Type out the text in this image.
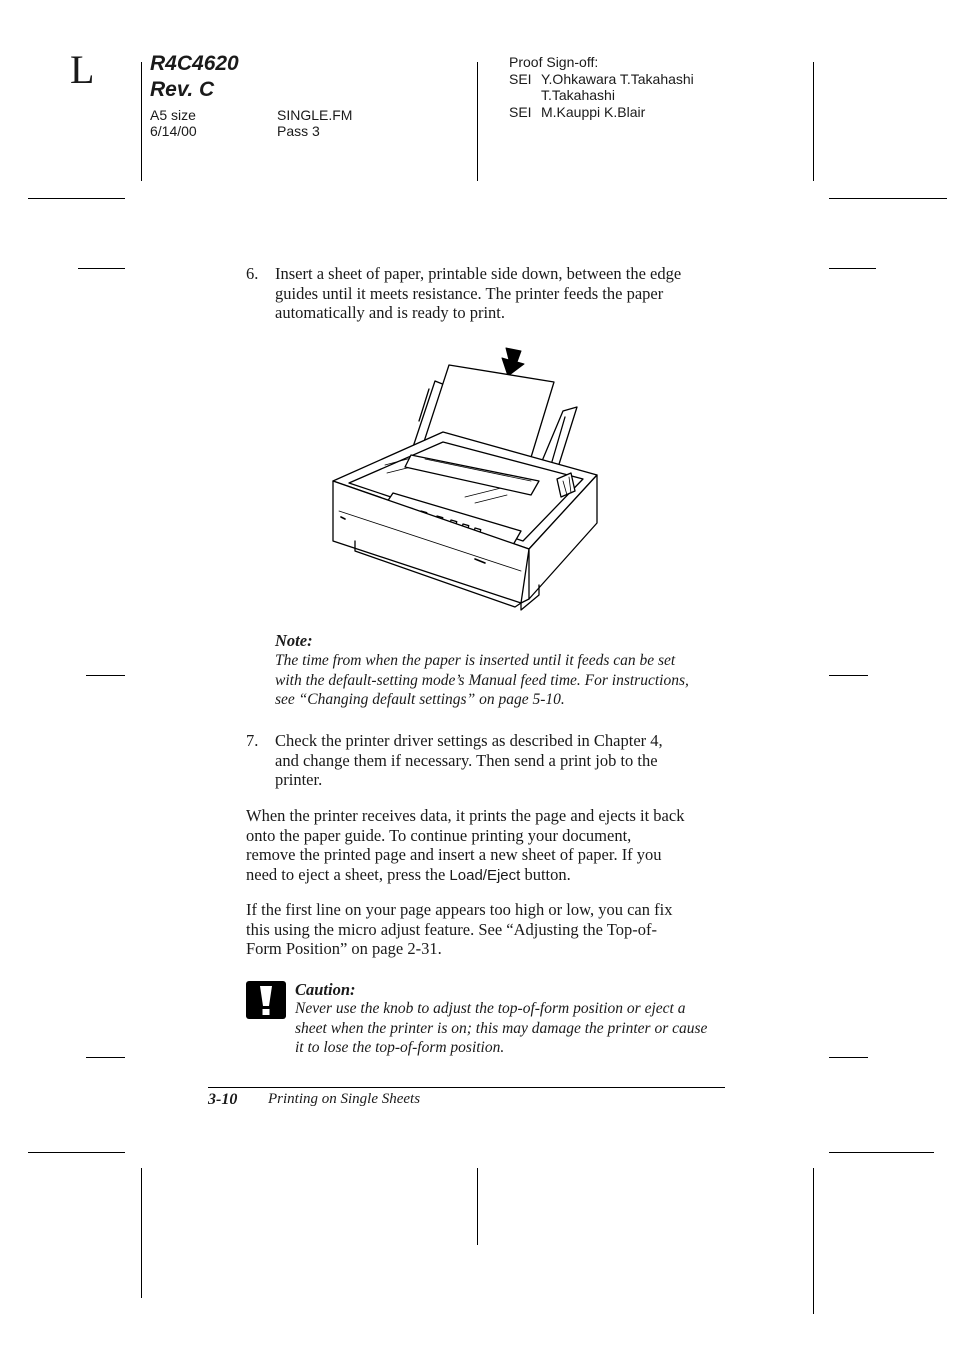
L	R4C4620
Rev. C
A5 size
6/14/00
SINGLE.FM
Pass 3
Proof Sign-off:
SEI Y.Ohkawara T.Takahashi
T.Takahashi
SEI M.Kauppi K.Blair
6. Insert a sheet of paper, printable side down, between the edge
guides until it meets resistance. The printer feeds the paper
automatically and is ready to print.
Note:
The time from when the paper is inserted until it feeds can be set
with the default-setting mode’s Manual feed time. For instructions,
see “Changing default settings” on page 5-10.
7. Check the printer driver settings as described in Chapter 4,
and change them if necessary. Then send a print job to the
printer.
When the printer receives data, it prints the page and ejects it back
onto the paper guide. To continue printing your document,
remove the printed page and insert a new sheet of paper. If you
need to eject a sheet, press the Load/Eject button.
If the first line on your page appears too high or low, you can fix
this using the micro adjust feature. See “Adjusting the Top-of-
Form Position” on page 2-31.
Caution:
Never use the knob to adjust the top-of-form position or eject a
sheet when the printer is on; this may damage the printer or cause
it to lose the top-of-form position.
3-10 Printing on Single Sheets
